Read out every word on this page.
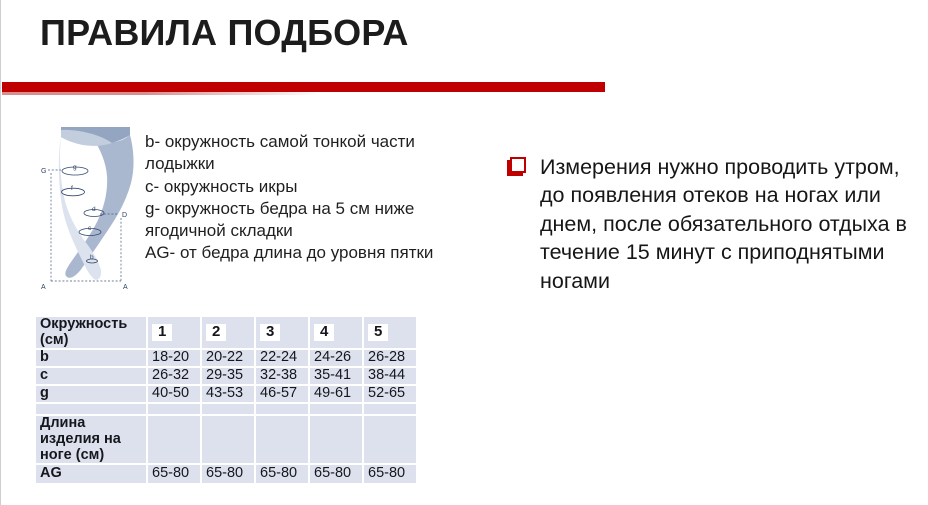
ПРАВИЛА ПОДБОРА
G
D
A	A
g
f
d
c
b
b- окружность самой тонкой части лодыжки
c- окружность икры
g- окружность бедра на 5 см ниже ягодичной складки
AG- от бедра длина до уровня пятки

Измерения нужно проводить утром, до появления отеков на ногах или днем, после обязательного отдыха в течение 15 минут с приподнятыми ногами

Окружность (см)	1	2	3	4	5
b	18-20	20-22	22-24	24-26	26-28
c	26-32	29-35	32-38	35-41	38-44
g	40-50	43-53	46-57	49-61	52-65

Длина изделия на ноге (см)					
AG	65-80	65-80	65-80	65-80	65-80
